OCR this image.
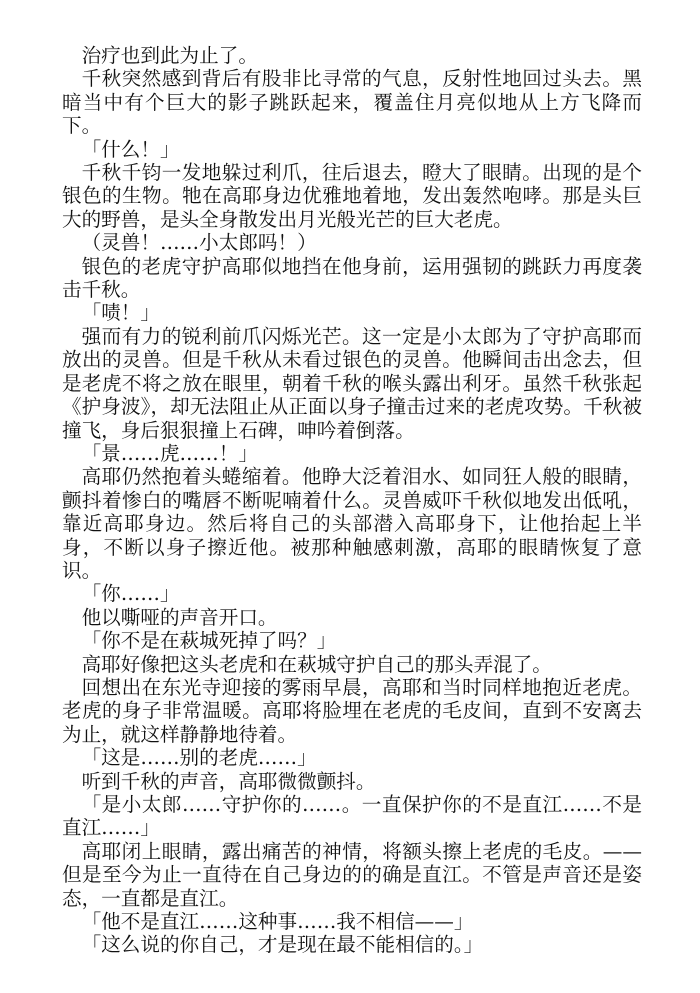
治疗也到此为止了。

千秋突然感到背后有股非比寻常的气息，反射性地回过头去。黑暗当中有个巨大的影子跳跃起来，覆盖住月亮似地从上方飞降而下。

「什么！」

千秋千钧一发地躲过利爪，往后退去，瞪大了眼睛。出现的是个银色的生物。牠在高耶身边优雅地着地，发出轰然咆哮。那是头巨大的野兽，是头全身散发出月光般光芒的巨大老虎。

（灵兽！……小太郎吗！）

银色的老虎守护高耶似地挡在他身前，运用强韧的跳跃力再度袭击千秋。

「啧！」

强而有力的锐利前爪闪烁光芒。这一定是小太郎为了守护高耶而放出的灵兽。但是千秋从未看过银色的灵兽。他瞬间击出念去，但是老虎不将之放在眼里，朝着千秋的喉头露出利牙。虽然千秋张起《护身波》，却无法阻止从正面以身子撞击过来的老虎攻势。千秋被撞飞，身后狠狠撞上石碑，呻吟着倒落。

「景……虎……！」

高耶仍然抱着头蜷缩着。他睁大泛着泪水、如同狂人般的眼睛，颤抖着惨白的嘴唇不断呢喃着什么。灵兽威吓千秋似地发出低吼，靠近高耶身边。然后将自己的头部潜入高耶身下，让他抬起上半身，不断以身子擦近他。被那种触感刺激，高耶的眼睛恢复了意识。

「你……」

他以嘶哑的声音开口。

「你不是在萩城死掉了吗？」

高耶好像把这头老虎和在萩城守护自己的那头弄混了。

回想出在东光寺迎接的雾雨早晨，高耶和当时同样地抱近老虎。老虎的身子非常温暖。高耶将脸埋在老虎的毛皮间，直到不安离去为止，就这样静静地待着。

「这是……别的老虎……」

听到千秋的声音，高耶微微颤抖。

「是小太郎……守护你的……。一直保护你的不是直江……不是直江……」

高耶闭上眼睛，露出痛苦的神情，将额头擦上老虎的毛皮。——但是至今为止一直待在自己身边的的确是直江。不管是声音还是姿态，一直都是直江。

「他不是直江……这种事……我不相信——」

「这么说的你自己，才是现在最不能相信的。」
